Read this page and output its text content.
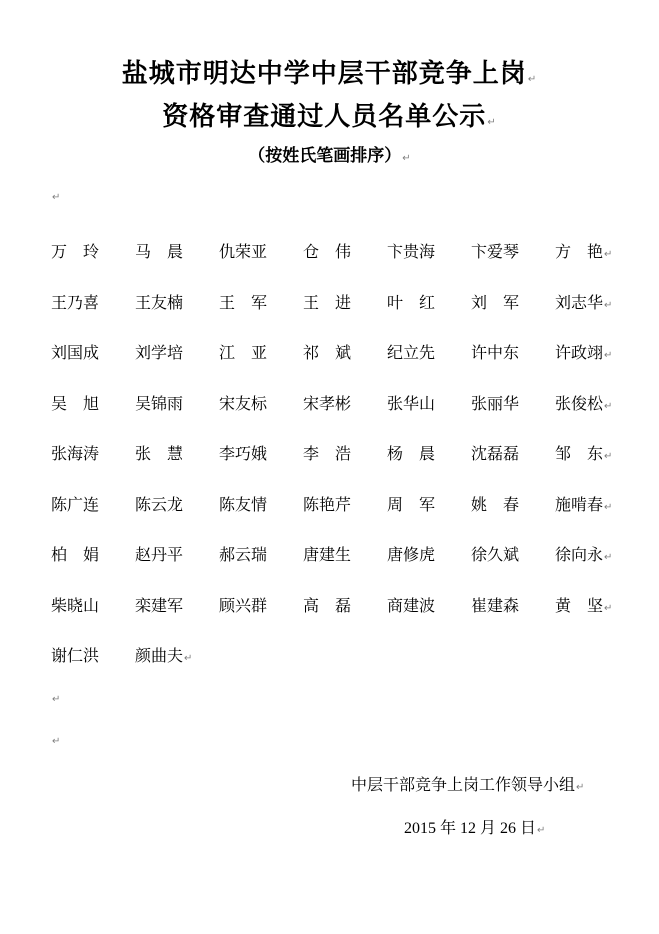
盐城市明达中学中层干部竞争上岗↵
资格审查通过人员名单公示↵
（按姓氏笔画排序）↵
↵
万　玲 马　晨 仇荣亚 仓　伟 卞贵海 卞爱琴 方　艳↵
王乃喜 王友楠 王　军 王　进 叶　红 刘　军 刘志华↵
刘国成 刘学培 江　亚 祁　斌 纪立先 许中东 许政翊↵
吴　旭 吴锦雨 宋友标 宋孝彬 张华山 张丽华 张俊松↵
张海涛 张　慧 李巧娥 李　浩 杨　晨 沈磊磊 邹　东↵
陈广连 陈云龙 陈友情 陈艳芹 周　军 姚　春 施啃春↵
柏　娟 赵丹平 郝云瑞 唐建生 唐修虎 徐久斌 徐向永↵
柴晓山 栾建军 顾兴群 高　磊 商建波 崔建森 黄　坚↵
谢仁洪 颜曲夫↵
↵
↵
中层干部竞争上岗工作领导小组↵
2015 年 12 月 26 日↵
